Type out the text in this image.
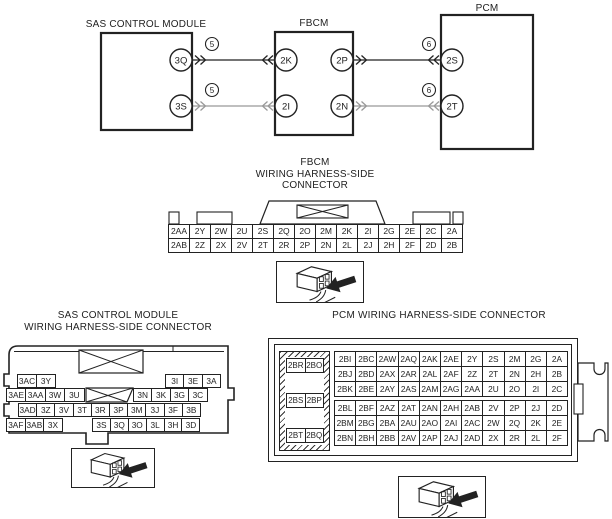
SAS CONTROL MODULE	FBCM
PCM
3Q
3S
2K
2I
2P
2N
2S
2T
5
5
6
6
FBCM
WIRING HARNESS-SIDE
CONNECTOR
2AA 2Y	2W	2U	2S	2Q	2O	2M	2K	2I	2G	2E	2C	2A
2AB 2Z	2X	2V	2T	2R	2P	2N	2L	2J	2H	2F	2D	2B
SAS CONTROL MODULE
WIRING HARNESS-SIDE CONNECTOR
3AC 3Y	3I	3E 3A
3AE 3AA 3W 3U	3N 3K 3G 3C
3AD 3Z 3V 3T 3R 3P 3M 3J	3F 3B
3AF 3AB 3X	3S 3Q 3O 3L 3H 3D
PCM WIRING HARNESS-SIDE CONNECTOR
2BR 2BO
2BS 2BP
2BT 2BQ
2BI 2BC 2AW 2AQ 2AK 2AE 2Y	2S	2M	2G	2A
2BJ 2BD 2AX 2AR 2AL 2AF	2Z	2T	2N	2H	2B
2BK 2BE 2AY 2AS 2AM 2AG 2AA 2U	2O	2I	2C
2BL 2BF 2AZ 2AT 2AN 2AH 2AB 2V	2P	2J	2D
2BM 2BG 2BA 2AU 2AO 2AI 2AC 2W	2Q	2K	2E
2BN 2BH 2BB 2AV 2AP 2AJ 2AD 2X	2R	2L	2F
